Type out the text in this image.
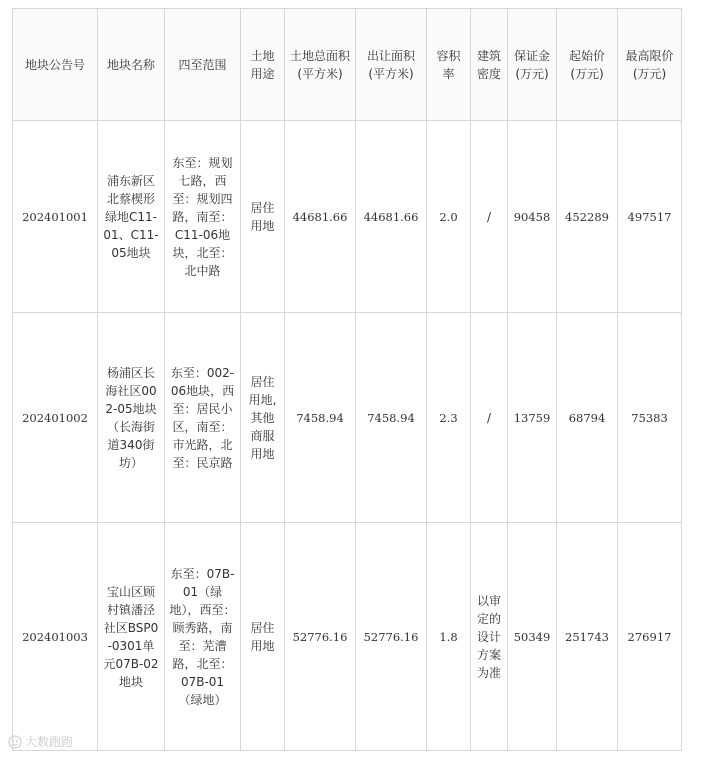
地块公告号	地块名称	四至范围	土地用途	土地总面积(平方米)	出让面积(平方米)	容积率	建筑密度	保证金(万元)	起始价(万元)	最高限价(万元)
202401001	浦东新区北蔡楔形绿地C11-01、C11-05地块	东至：规划七路，西至：规划四路，南至：C11-06地块，北至：北中路	居住用地	44681.66	44681.66	2.0	/	90458	452289	497517
202401002	杨浦区长海社区002-05地块（长海街道340街坊）	东至：002-06地块，西至：居民小区，南至：市光路，北至：民京路	居住用地,其他商服用地	7458.94	7458.94	2.3	/	13759	68794	75383
202401003	宝山区顾村镇潘泾社区BSP0-0301单元07B-02地块	东至：07B-01（绿地），西至：顾秀路，南至：芜漕路，北至：07B-01（绿地）	居住用地	52776.16	52776.16	1.8	以审定的设计方案为准	50349	251743	276917
大数跑跑
